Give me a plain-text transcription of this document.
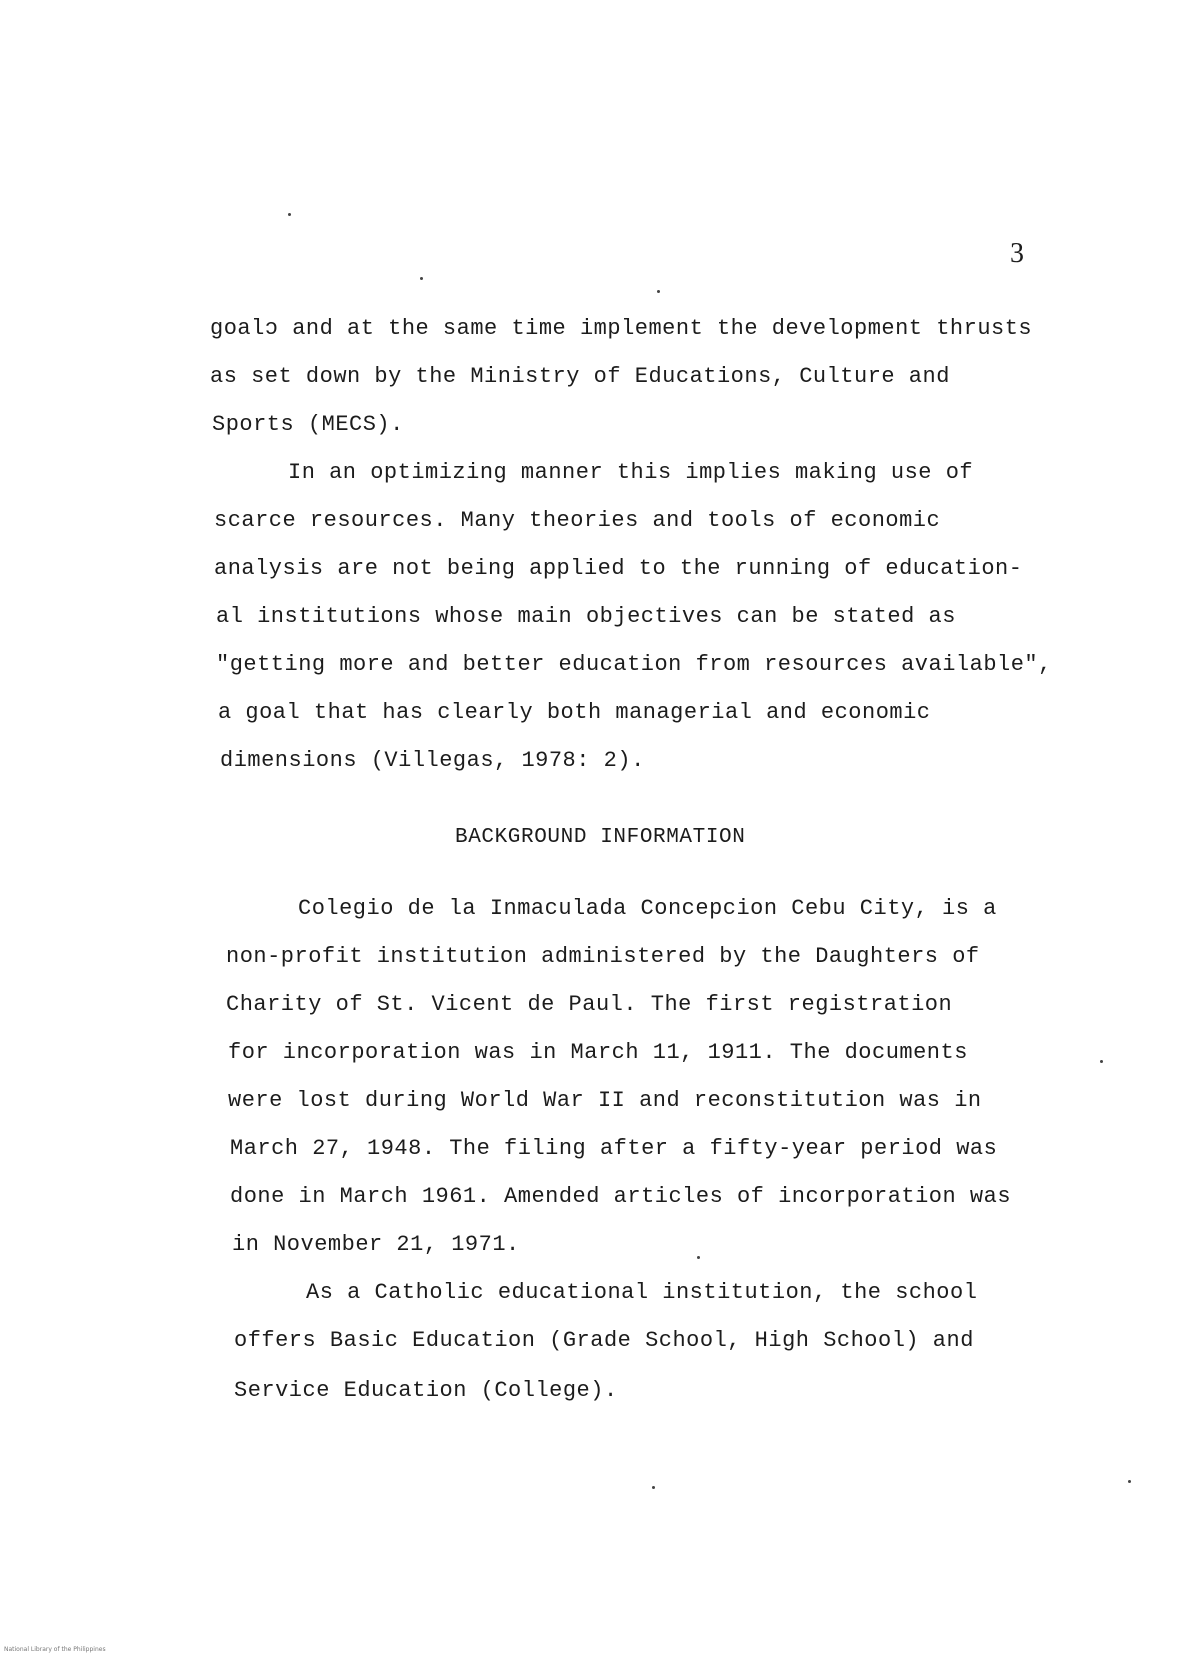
3
goalɔ and at the same time implement the development thrusts
as set down by the Ministry of Educations, Culture and
Sports (MECS).
In an optimizing manner this implies making use of
scarce resources. Many theories and tools of economic
analysis are not being applied to the running of education-
al institutions whose main objectives can be stated as
"getting more and better education from resources available",
a goal that has clearly both managerial and economic
dimensions (Villegas, 1978: 2).
BACKGROUND INFORMATION
Colegio de la Inmaculada Concepcion Cebu City, is a
non-profit institution administered by the Daughters of
Charity of St. Vicent de Paul. The first registration
for incorporation was in March 11, 1911. The documents
were lost during World War II and reconstitution was in
March 27, 1948. The filing after a fifty-year period was
done in March 1961. Amended articles of incorporation was
in November 21, 1971.
As a Catholic educational institution, the school
offers Basic Education (Grade School, High School) and
Service Education (College).
National Library of the Philippines
